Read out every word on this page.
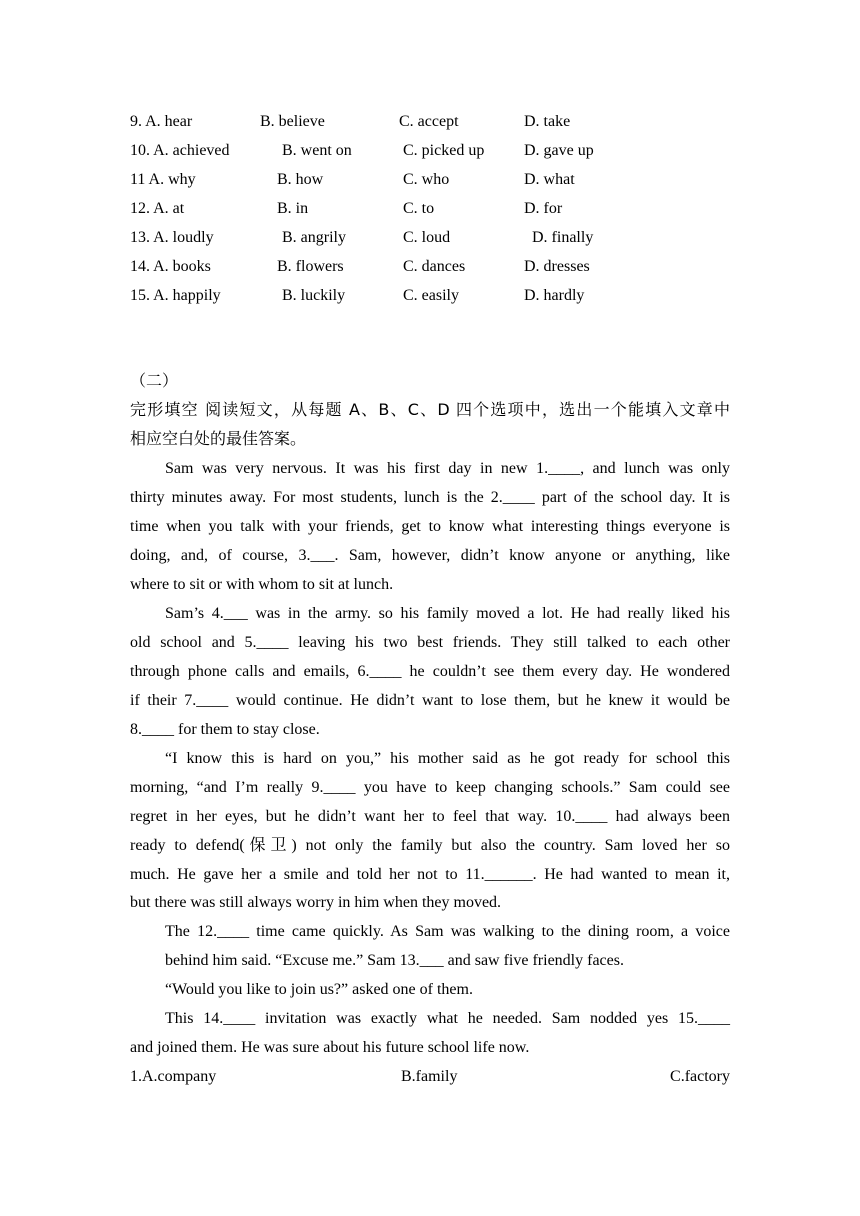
9. A. hear	B. believe	C. accept	D. take
10. A. achieved	B. went on	C. picked up D. gave up
11 A. why	B. how	C. who	D. what
12. A. at	B. in	C. to	D. for
13. A. loudly	B. angrily	C. loud	D. finally
14. A. books	B. flowers	C. dances	D. dresses
15. A. happily	B. luckily	C. easily	D. hardly
（二）
完形填空 阅读短文，从每题 A、B、C、D 四个选项中，选出一个能填入文章中
相应空白处的最佳答案。
Sam was very nervous. It was his first day in new 1.____, and lunch was only
thirty minutes away. For most students, lunch is the 2.____ part of the school day. It is
time when you talk with your friends, get to know what interesting things everyone is
doing, and, of course, 3.___. Sam, however, didn’t know anyone or anything, like
where to sit or with whom to sit at lunch.
Sam’s 4.___ was in the army. so his family moved a lot. He had really liked his
old school and 5.____ leaving his two best friends. They still talked to each other
through phone calls and emails, 6.____ he couldn’t see them every day. He wondered
if their 7.____ would continue. He didn’t want to lose them, but he knew it would be
8.____ for them to stay close.
“I know this is hard on you,” his mother said as he got ready for school this
morning, “and I’m really 9.____ you have to keep changing schools.” Sam could see
regret in her eyes, but he didn’t want her to feel that way. 10.____ had always been
ready to defend(保卫) not only the family but also the country. Sam loved her so
much. He gave her a smile and told her not to 11.______. He had wanted to mean it,
but there was still always worry in him when they moved.
The 12.____ time came quickly. As Sam was walking to the dining room, a voice
behind him said. “Excuse me.” Sam 13.___ and saw five friendly faces.
“Would you like to join us?” asked one of them.
This 14.____ invitation was exactly what he needed. Sam nodded yes 15.____
and joined them. He was sure about his future school life now.
1.A.company	B.family	C.factory
